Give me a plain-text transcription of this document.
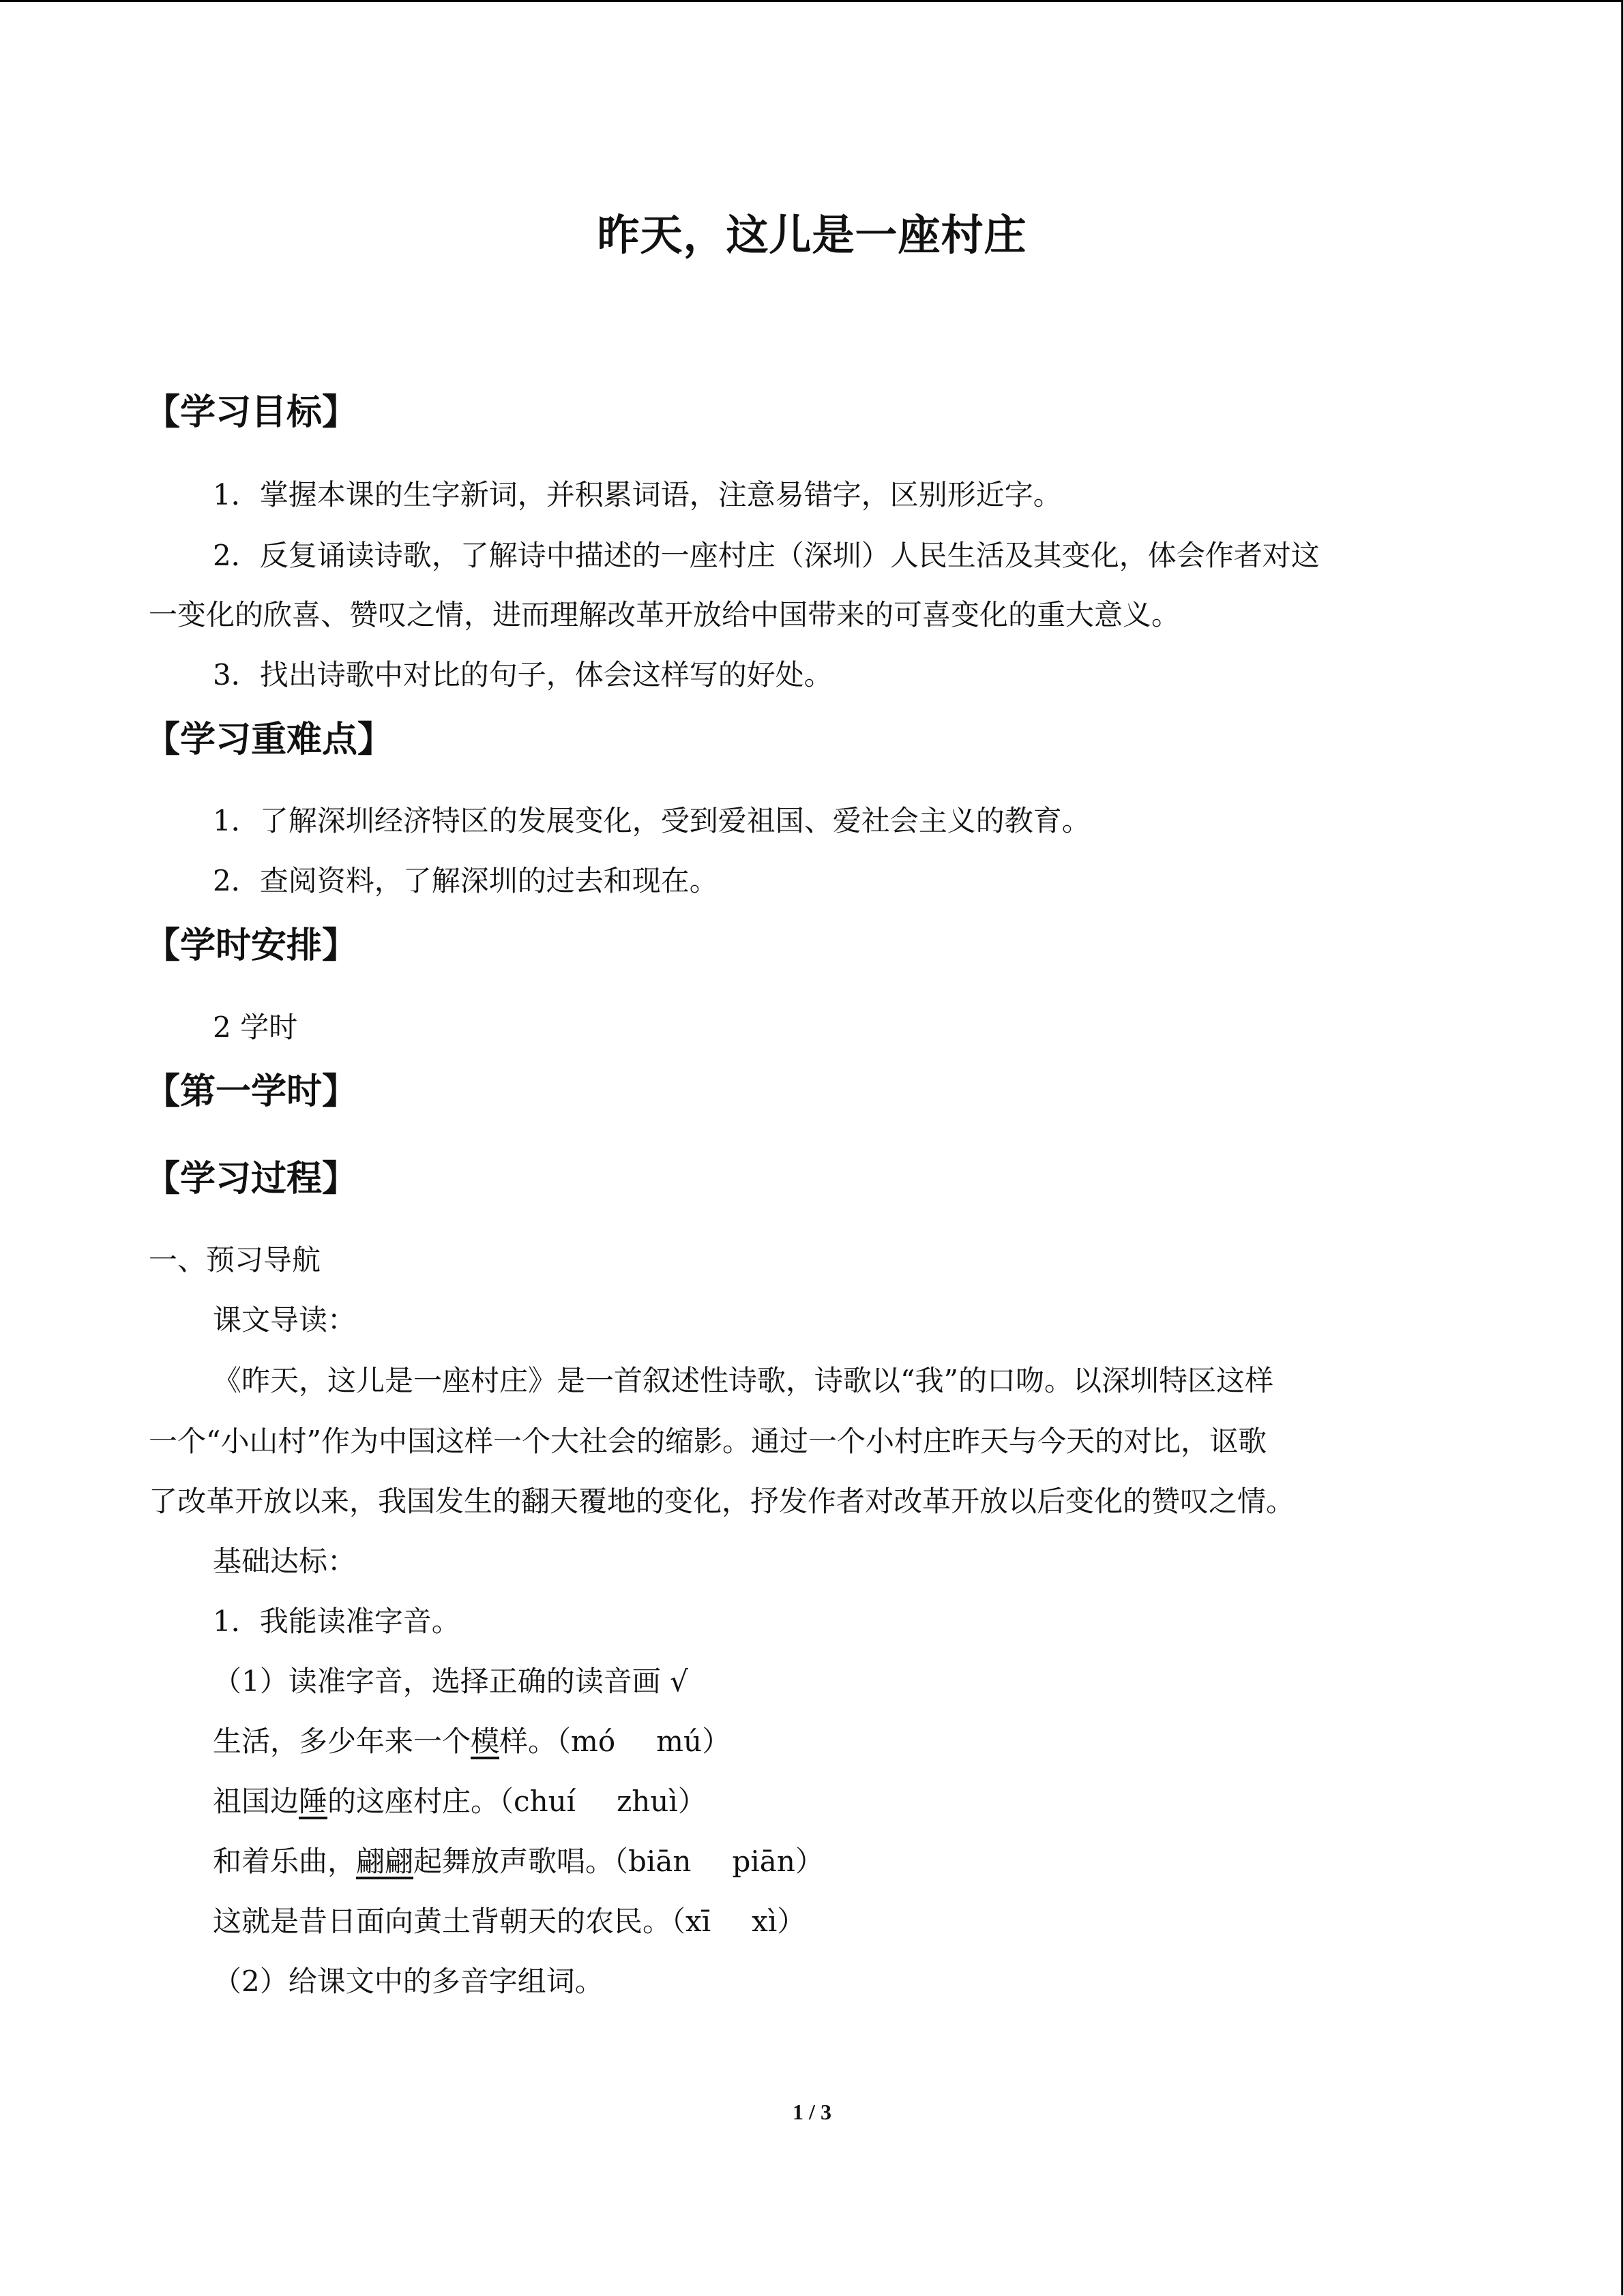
昨天，这儿是一座村庄
【学习目标】
1．掌握本课的生字新词，并积累词语，注意易错字，区别形近字。
2．反复诵读诗歌，了解诗中描述的一座村庄（深圳）人民生活及其变化，体会作者对这
一变化的欣喜、赞叹之情，进而理解改革开放给中国带来的可喜变化的重大意义。
3．找出诗歌中对比的句子，体会这样写的好处。
【学习重难点】
1．了解深圳经济特区的发展变化，受到爱祖国、爱社会主义的教育。
2．查阅资料，了解深圳的过去和现在。
【学时安排】
2 学时
【第一学时】
【学习过程】
一、预习导航
课文导读：
《昨天，这儿是一座村庄》是一首叙述性诗歌，诗歌以“我”的口吻。以深圳特区这样
一个“小山村”作为中国这样一个大社会的缩影。通过一个小村庄昨天与今天的对比，讴歌
了改革开放以来，我国发生的翻天覆地的变化，抒发作者对改革开放以后变化的赞叹之情。
基础达标：
1．我能读准字音。
（1）读准字音，选择正确的读音画 √
生活，多少年来一个模样。（mó mú）
祖国边陲的这座村庄。（chuí zhuì）
和着乐曲，翩翩起舞放声歌唱。（biān piān）
这就是昔日面向黄土背朝天的农民。（xī xì）
（2）给课文中的多音字组词。
1 / 3
